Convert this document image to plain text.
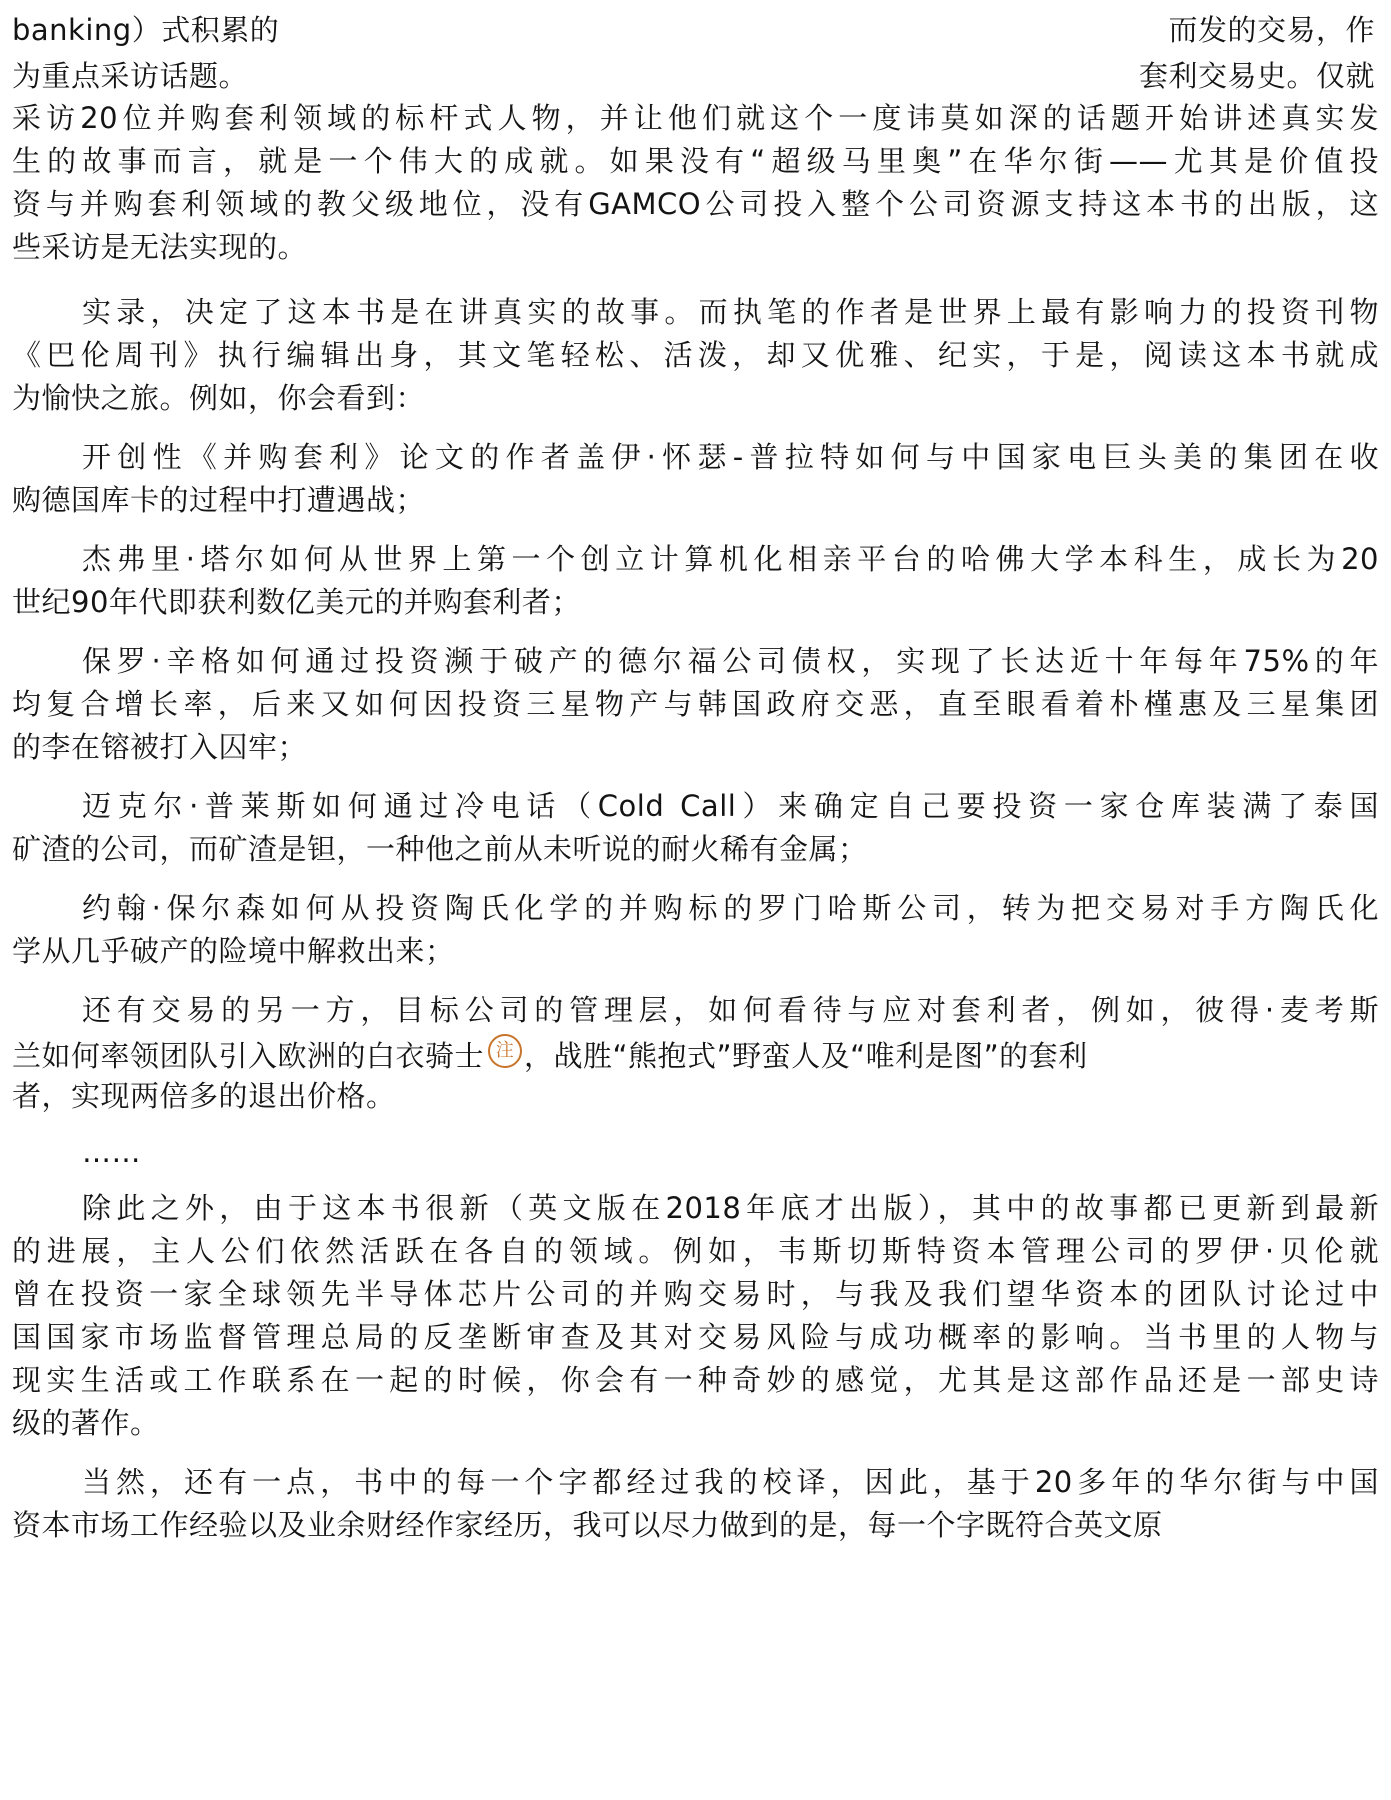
banking）式积累的	而发的交易，作
为重点采访话题。	套利交易史。仅就
采访20位并购套利领域的标杆式人物，并让他们就这个一度讳莫如深的话题开始讲述真实发
生的故事而言，就是一个伟大的成就。如果没有“超级马里奥”在华尔街——尤其是价值投
资与并购套利领域的教父级地位，没有GAMCO公司投入整个公司资源支持这本书的出版，这
些采访是无法实现的。
实录，决定了这本书是在讲真实的故事。而执笔的作者是世界上最有影响力的投资刊物
《巴伦周刊》执行编辑出身，其文笔轻松、活泼，却又优雅、纪实，于是，阅读这本书就成
为愉快之旅。例如，你会看到：
开创性《并购套利》论文的作者盖伊·怀瑟-普拉特如何与中国家电巨头美的集团在收
购德国库卡的过程中打遭遇战；
杰弗里·塔尔如何从世界上第一个创立计算机化相亲平台的哈佛大学本科生，成长为20
世纪90年代即获利数亿美元的并购套利者；
保罗·辛格如何通过投资濒于破产的德尔福公司债权，实现了长达近十年每年75%的年
均复合增长率，后来又如何因投资三星物产与韩国政府交恶，直至眼看着朴槿惠及三星集团
的李在镕被打入囚牢；
迈克尔·普莱斯如何通过冷电话（Cold Call）来确定自己要投资一家仓库装满了泰国
矿渣的公司，而矿渣是钽，一种他之前从未听说的耐火稀有金属；
约翰·保尔森如何从投资陶氏化学的并购标的罗门哈斯公司，转为把交易对手方陶氏化
学从几乎破产的险境中解救出来；
还有交易的另一方，目标公司的管理层，如何看待与应对套利者，例如，彼得·麦考斯
兰如何率领团队引入欧洲的白衣骑士 注 ，战胜“熊抱式”野蛮人及“唯利是图”的套利
者，实现两倍多的退出价格。
……
除此之外，由于这本书很新（英文版在2018年底才出版），其中的故事都已更新到最新
的进展，主人公们依然活跃在各自的领域。例如，韦斯切斯特资本管理公司的罗伊·贝伦就
曾在投资一家全球领先半导体芯片公司的并购交易时，与我及我们望华资本的团队讨论过中
国国家市场监督管理总局的反垄断审查及其对交易风险与成功概率的影响。当书里的人物与
现实生活或工作联系在一起的时候，你会有一种奇妙的感觉，尤其是这部作品还是一部史诗
级的著作。
当然，还有一点，书中的每一个字都经过我的校译，因此，基于20多年的华尔街与中国
资本市场工作经验以及业余财经作家经历，我可以尽力做到的是，每一个字既符合英文原
